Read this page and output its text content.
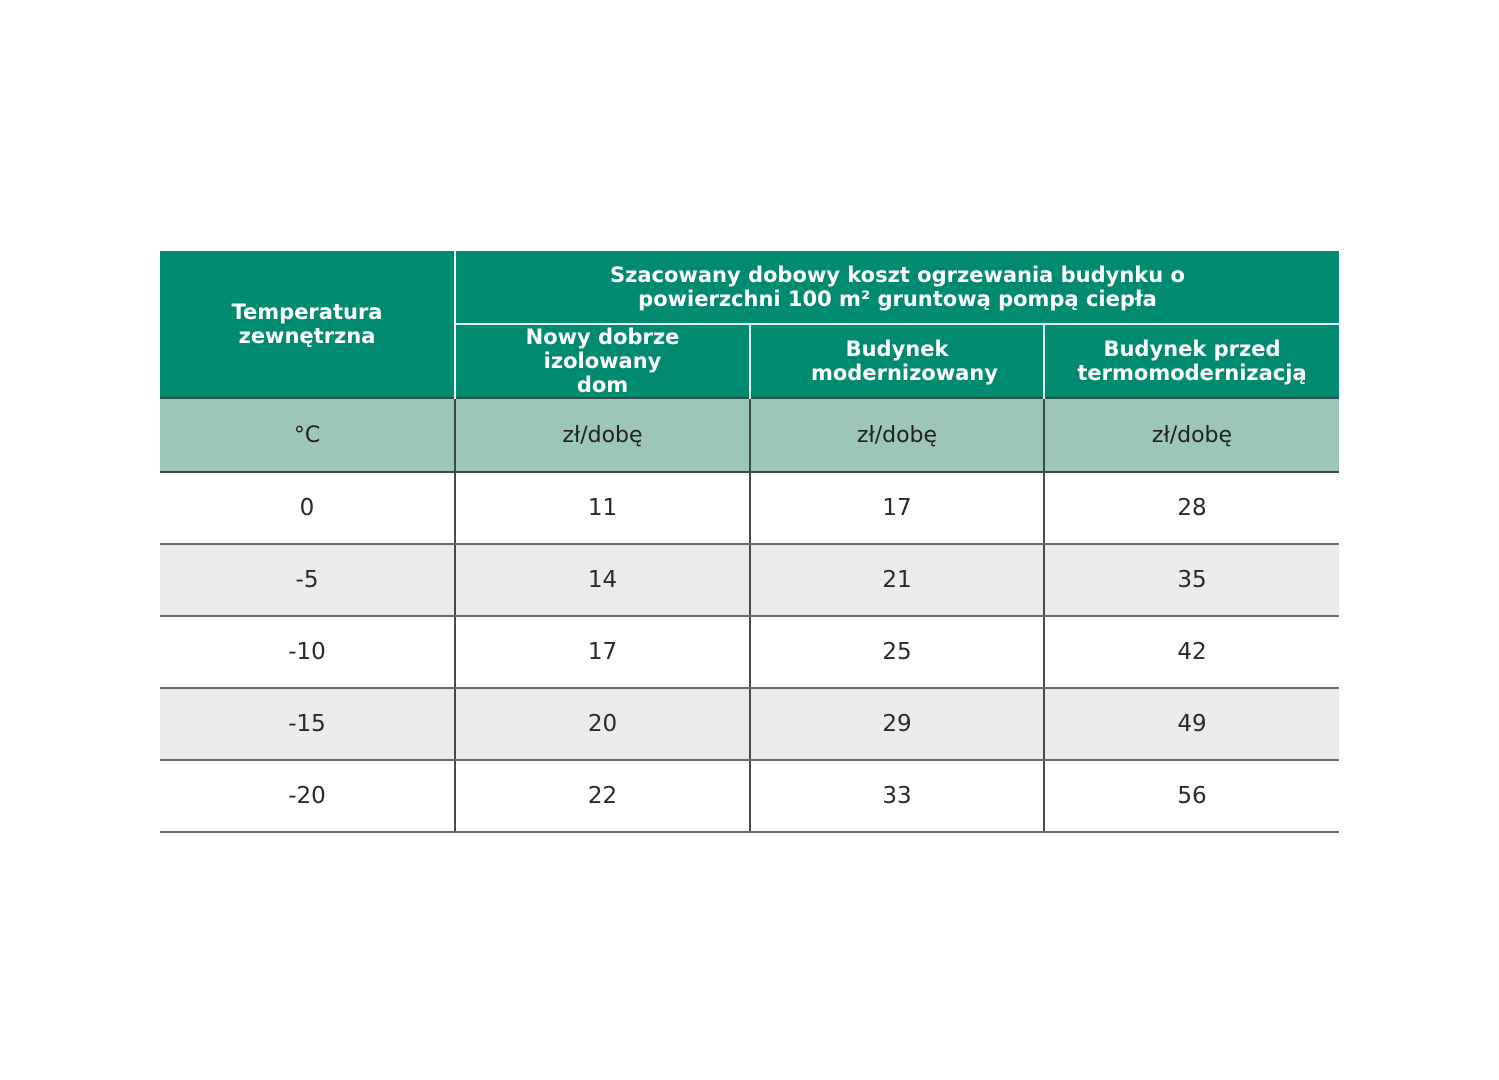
Temperatura zewnętrzna	Szacowany dobowy koszt ogrzewania budynku o powierzchni 100 m² gruntową pompą ciepła		
	Nowy dobrze izolowany dom	Budynek modernizowany	Budynek przed termomodernizacją
°C	zł/dobę	zł/dobę	zł/dobę
0	11	17	28
-5	14	21	35
-10	17	25	42
-15	20	29	49
-20	22	33	56
